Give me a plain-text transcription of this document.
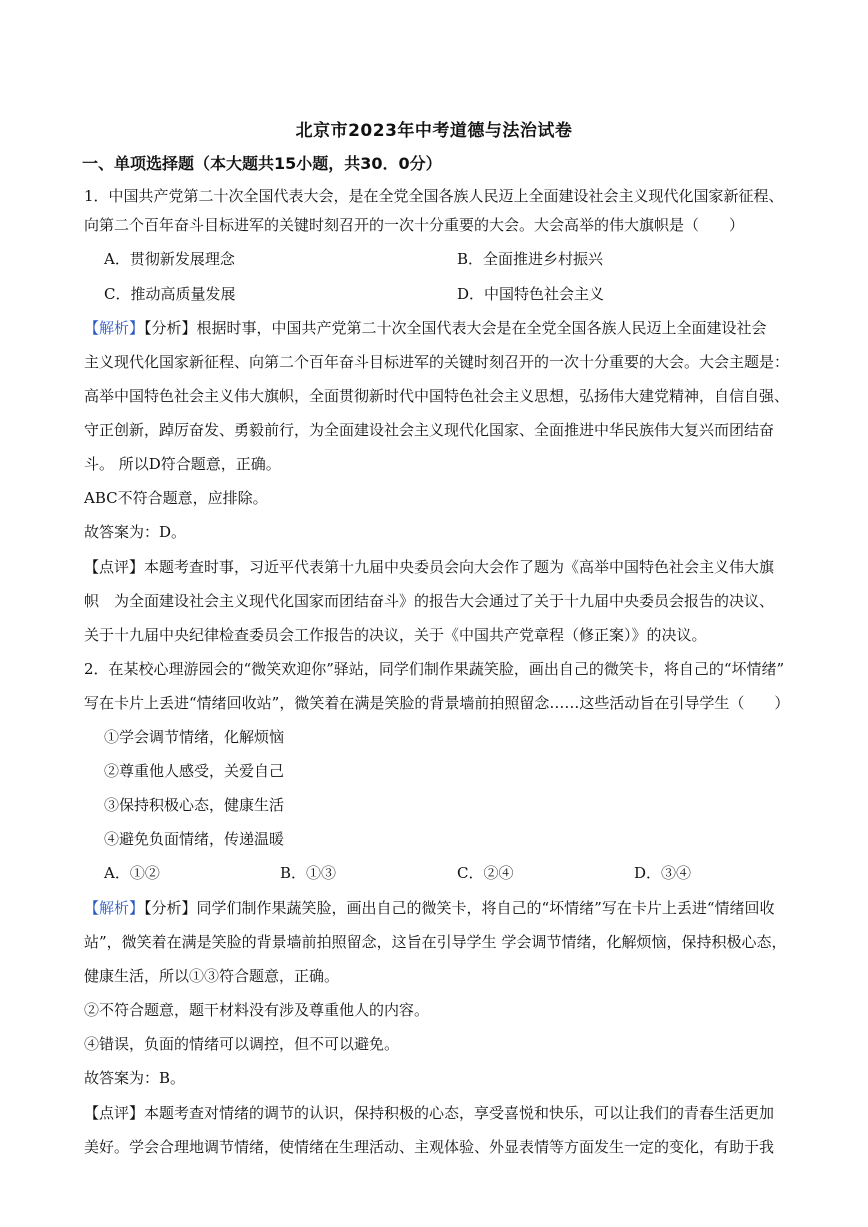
北京市2023年中考道德与法治试卷
一、单项选择题（本大题共15小题，共30．0分）
1．中国共产党第二十次全国代表大会，是在全党全国各族人民迈上全面建设社会主义现代化国家新征程、
向第二个百年奋斗目标进军的关键时刻召开的一次十分重要的大会。大会高举的伟大旗帜是（　　）
A．贯彻新发展理念	B．全面推进乡村振兴
C．推动高质量发展	D．中国特色社会主义
【解析】【分析】根据时事，中国共产党第二十次全国代表大会是在全党全国各族人民迈上全面建设社会
主义现代化国家新征程、向第二个百年奋斗目标进军的关键时刻召开的一次十分重要的大会。大会主题是：
高举中国特色社会主义伟大旗帜，全面贯彻新时代中国特色社会主义思想，弘扬伟大建党精神，自信自强、
守正创新，踔厉奋发、勇毅前行，为全面建设社会主义现代化国家、全面推进中华民族伟大复兴而团结奋
斗。 所以D符合题意，正确。
ABC不符合题意，应排除。
故答案为：D。
【点评】本题考查时事，习近平代表第十九届中央委员会向大会作了题为《高举中国特色社会主义伟大旗
帜　为全面建设社会主义现代化国家而团结奋斗》的报告大会通过了关于十九届中央委员会报告的决议、
关于十九届中央纪律检查委员会工作报告的决议，关于《中国共产党章程（修正案）》的决议。
2．在某校心理游园会的“微笑欢迎你”驿站，同学们制作果蔬笑脸，画出自己的微笑卡，将自己的“坏情绪”
写在卡片上丢进“情绪回收站”，微笑着在满是笑脸的背景墙前拍照留念……这些活动旨在引导学生（　　）
①学会调节情绪，化解烦恼
②尊重他人感受，关爱自己
③保持积极心态，健康生活
④避免负面情绪，传递温暖
A．①②	B．①③	C．②④	D．③④
【解析】【分析】同学们制作果蔬笑脸，画出自己的微笑卡，将自己的“坏情绪”写在卡片上丢进“情绪回收
站”，微笑着在满是笑脸的背景墙前拍照留念，这旨在引导学生 学会调节情绪，化解烦恼，保持积极心态，
健康生活，所以①③符合题意，正确。
②不符合题意，题干材料没有涉及尊重他人的内容。
④错误，负面的情绪可以调控，但不可以避免。
故答案为：B。
【点评】本题考查对情绪的调节的认识，保持积极的心态，享受喜悦和快乐，可以让我们的青春生活更加
美好。学会合理地调节情绪，使情绪在生理活动、主观体验、外显表情等方面发生一定的变化，有助于我
